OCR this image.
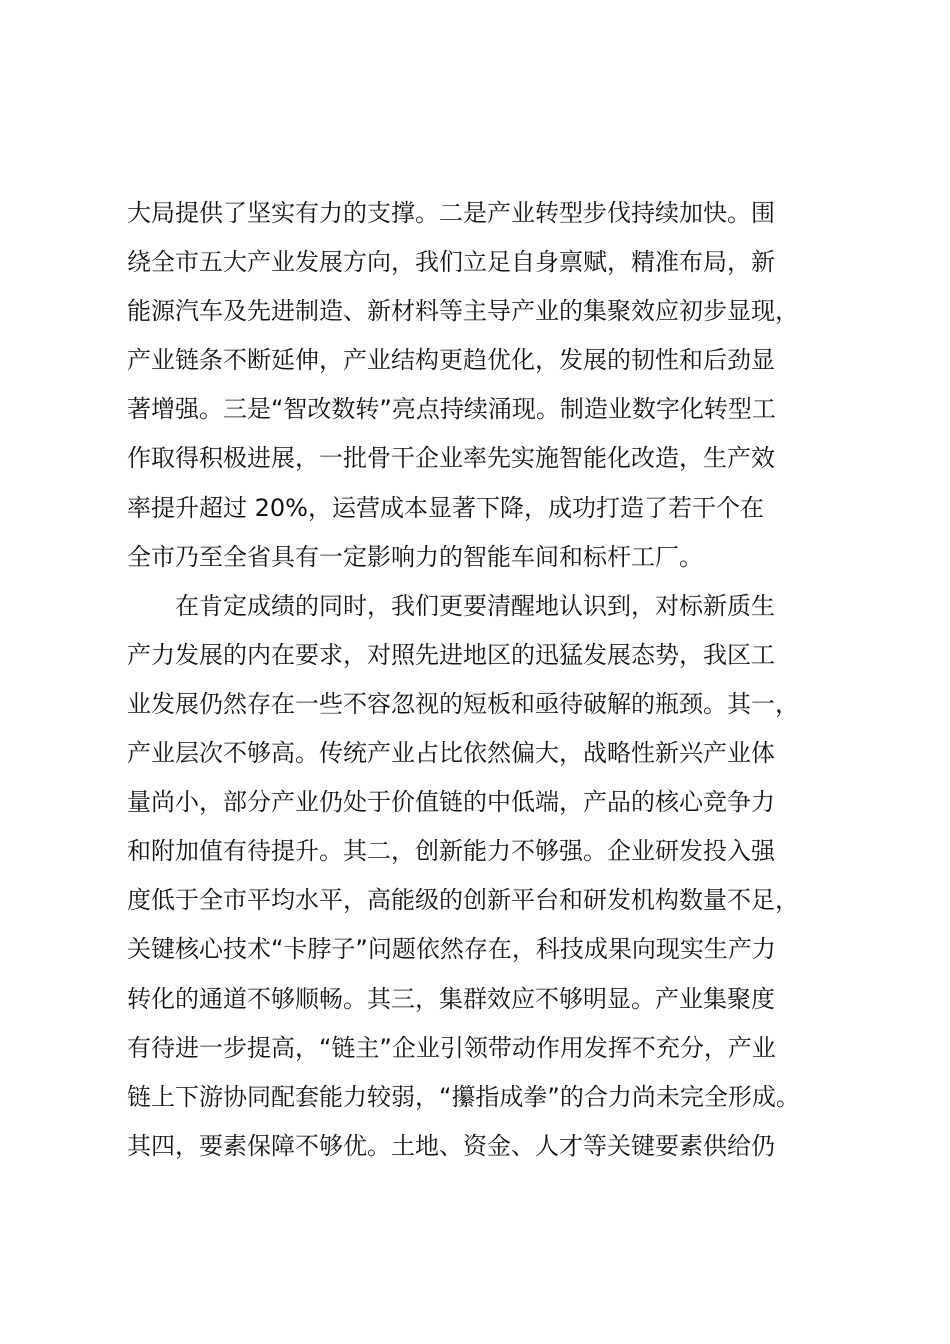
大局提供了坚实有力的支撑。二是产业转型步伐持续加快。围
绕全市五大产业发展方向，我们立足自身禀赋，精准布局，新
能源汽车及先进制造、新材料等主导产业的集聚效应初步显现，
产业链条不断延伸，产业结构更趋优化，发展的韧性和后劲显
著增强。三是“智改数转”亮点持续涌现。制造业数字化转型工
作取得积极进展，一批骨干企业率先实施智能化改造，生产效
率提升超过 20%，运营成本显著下降，成功打造了若干个在
全市乃至全省具有一定影响力的智能车间和标杆工厂。
　　在肯定成绩的同时，我们更要清醒地认识到，对标新质生
产力发展的内在要求，对照先进地区的迅猛发展态势，我区工
业发展仍然存在一些不容忽视的短板和亟待破解的瓶颈。其一，
产业层次不够高。传统产业占比依然偏大，战略性新兴产业体
量尚小，部分产业仍处于价值链的中低端，产品的核心竞争力
和附加值有待提升。其二，创新能力不够强。企业研发投入强
度低于全市平均水平，高能级的创新平台和研发机构数量不足，
关键核心技术“卡脖子”问题依然存在，科技成果向现实生产力
转化的通道不够顺畅。其三，集群效应不够明显。产业集聚度
有待进一步提高，“链主”企业引领带动作用发挥不充分，产业
链上下游协同配套能力较弱，“攥指成拳”的合力尚未完全形成。
其四，要素保障不够优。土地、资金、人才等关键要素供给仍
